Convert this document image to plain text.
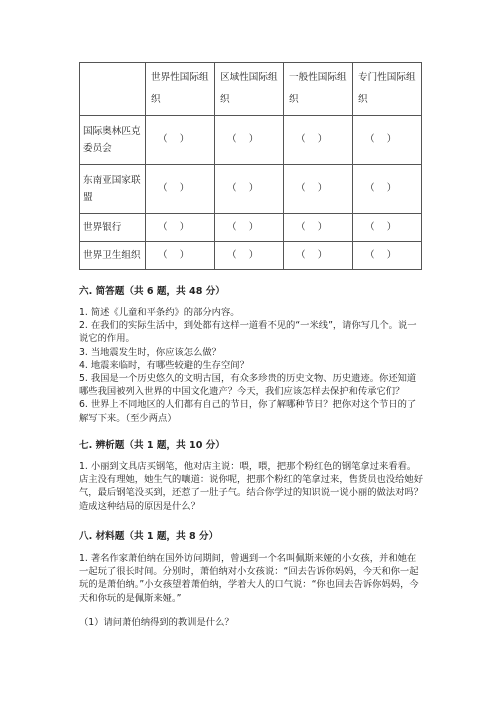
	世界性国际组织	区域性国际组织	一般性国际组织	专门性国际组织
国际奥林匹克委员会	（    ）	（    ）	（    ）	（    ）
东南亚国家联盟	（    ）	（    ）	（    ）	（    ）
世界银行	（    ）	（    ）	（    ）	（    ）
世界卫生组织	（    ）	（    ）	（    ）	（    ）
六. 简答题（共 6 题，共 48 分）

1. 简述《儿童和平条约》的部分内容。

2. 在我们的实际生活中，到处都有这样一道看不见的“一米线”，请你写几个。说一说它的作用。

3. 当地震发生时，你应该怎么做？

4. 地震来临时，有哪些较避的生存空间？

5. 我国是一个历史悠久的文明古国，有众多珍贵的历史文物、历史遗迹。你还知道哪些我国被列入世界的中国文化遗产？今天，我们应该怎样去保护和传承它们？

6. 世界上不同地区的人们都有自己的节日，你了解哪种节日？把你对这个节日的了解写下来。（至少两点）

七. 辨析题（共 1 题，共 10 分）

1. 小丽到文具店买钢笔，他对店主说：喂，喂，把那个粉红色的钢笔拿过来看看。店主没有理她，她生气的嚷道：说你呢，把那个粉红的笔拿过来，售货员也没给她好气，最后钢笔没买到，还惹了一肚子气。结合你学过的知识说一说小丽的做法对吗？造成这种结局的原因是什么？

八. 材料题（共 1 题，共 8 分）

1. 著名作家萧伯纳在国外访问期间，曾遇到一个名叫佩斯来娅的小女孩，并和她在一起玩了很长时间。分别时，萧伯纳对小女孩说：“回去告诉你妈妈，今天和你一起玩的是萧伯纳。”小女孩望着萧伯纳，学着大人的口气说：“你也回去告诉你妈妈，今天和你玩的是佩斯来娅。”

（1）请问萧伯纳得到的教训是什么？
